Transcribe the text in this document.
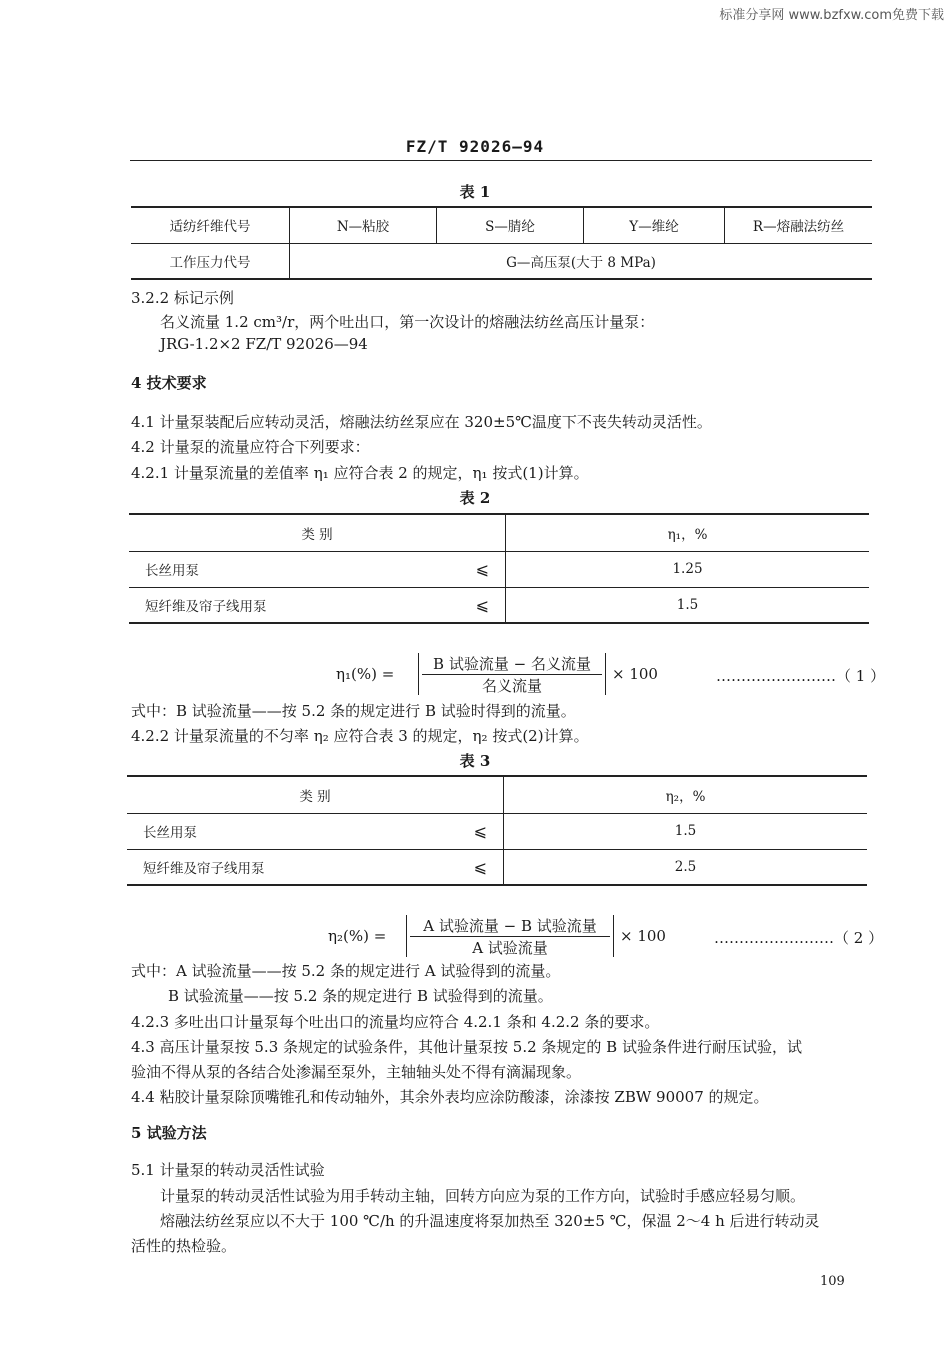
标准分享网 www.bzfxw.com免费下载
FZ/T 92026—94
表 1
适纺纤维代号	N—粘胶	S—腈纶	Y—维纶	R—熔融法纺丝
工作压力代号	G—高压泵(大于 8 MPa)			
3.2.2 标记示例
名义流量 1.2 cm³/r，两个吐出口，第一次设计的熔融法纺丝高压计量泵：
JRG-1.2×2 FZ/T 92026—94
4 技术要求
4.1 计量泵装配后应转动灵活，熔融法纺丝泵应在 320±5℃温度下不丧失转动灵活性。
4.2 计量泵的流量应符合下列要求：
4.2.1 计量泵流量的差值率 η₁ 应符合表 2 的规定，η₁ 按式(1)计算。
表 2
类 别	η₁，%
长丝用泵 ⩽	1.25
短纤维及帘子线用泵 ⩽	1.5
η₁(%) =
B 试验流量 − 名义流量
名义流量
× 100	……………………（ 1 ）
式中：B 试验流量——按 5.2 条的规定进行 B 试验时得到的流量。
4.2.2 计量泵流量的不匀率 η₂ 应符合表 3 的规定，η₂ 按式(2)计算。
表 3
类 别	η₂，%
长丝用泵 ⩽	1.5
短纤维及帘子线用泵 ⩽	2.5
η₂(%) =
A 试验流量 − B 试验流量
A 试验流量
× 100	……………………（ 2 ）
式中：A 试验流量——按 5.2 条的规定进行 A 试验得到的流量。
B 试验流量——按 5.2 条的规定进行 B 试验得到的流量。
4.2.3 多吐出口计量泵每个吐出口的流量均应符合 4.2.1 条和 4.2.2 条的要求。
4.3 高压计量泵按 5.3 条规定的试验条件，其他计量泵按 5.2 条规定的 B 试验条件进行耐压试验，试
验油不得从泵的各结合处渗漏至泵外，主轴轴头处不得有滴漏现象。
4.4 粘胶计量泵除顶嘴锥孔和传动轴外，其余外表均应涂防酸漆，涂漆按 ZBW 90007 的规定。
5 试验方法
5.1 计量泵的转动灵活性试验
计量泵的转动灵活性试验为用手转动主轴，回转方向应为泵的工作方向，试验时手感应轻易匀顺。
熔融法纺丝泵应以不大于 100 ℃/h 的升温速度将泵加热至 320±5 ℃，保温 2～4 h 后进行转动灵
活性的热检验。
109
